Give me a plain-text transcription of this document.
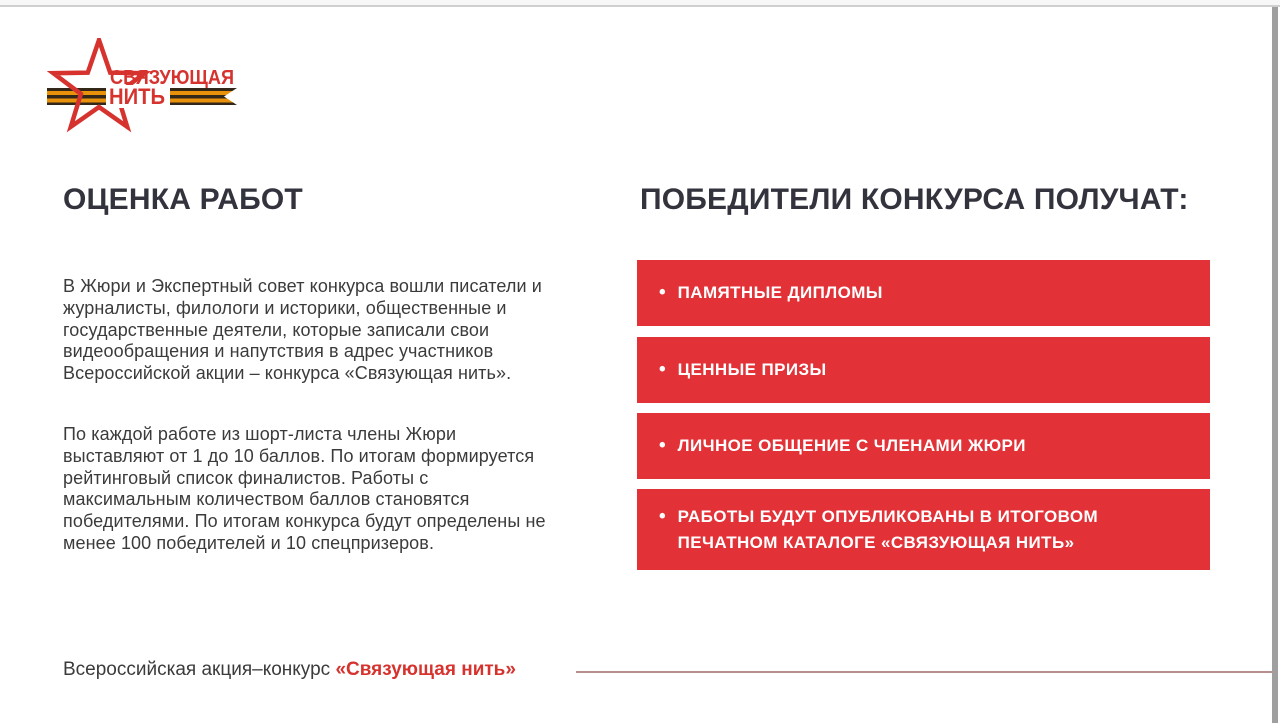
СВЯЗУЮЩАЯ
НИТЬ
ОЦЕНКА РАБОТ
В Жюри и Экспертный совет конкурса вошли писатели и
журналисты, филологи и историки, общественные и
государственные деятели, которые записали свои
видеообращения и напутствия в адрес участников
Всероссийской акции – конкурса «Связующая нить».
По каждой работе из шорт-листа члены Жюри
выставляют от 1 до 10 баллов. По итогам формируется
рейтинговый список финалистов. Работы с
максимальным количеством баллов становятся
победителями. По итогам конкурса будут определены не
менее 100 победителей и 10 спецпризеров.
ПОБЕДИТЕЛИ КОНКУРСА ПОЛУЧАТ:
• ПАМЯТНЫЕ ДИПЛОМЫ
• ЦЕННЫЕ ПРИЗЫ
• ЛИЧНОЕ ОБЩЕНИЕ С ЧЛЕНАМИ ЖЮРИ
• РАБОТЫ БУДУТ ОПУБЛИКОВАНЫ В ИТОГОВОМ
ПЕЧАТНОМ КАТАЛОГЕ «СВЯЗУЮЩАЯ НИТЬ»
Всероссийская акция–конкурс «Связующая нить»
